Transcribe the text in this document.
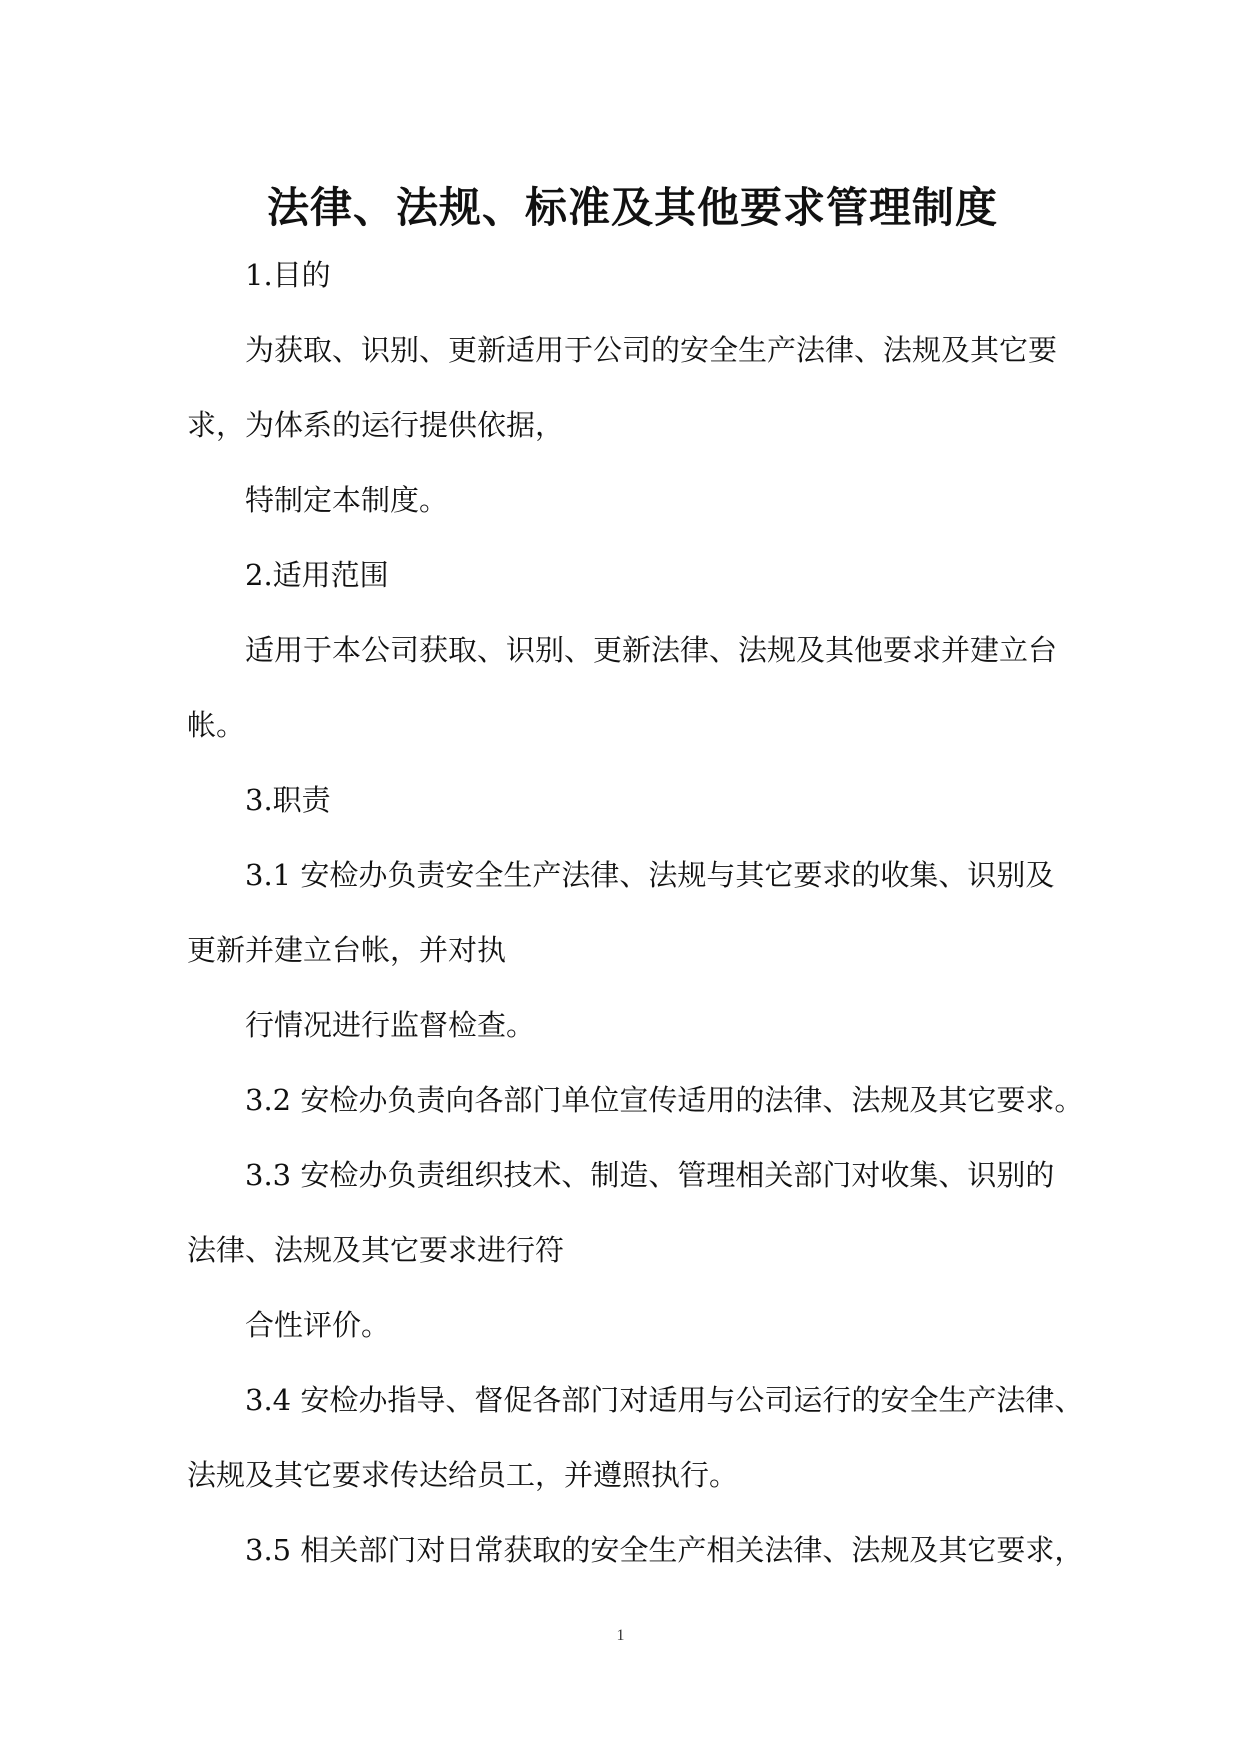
法律、法规、标准及其他要求管理制度

1.目的

为获取、识别、更新适用于公司的安全生产法律、法规及其它要

求，为体系的运行提供依据，

特制定本制度。

2.适用范围

适用于本公司获取、识别、更新法律、法规及其他要求并建立台

帐。

3.职责

3.1 安检办负责安全生产法律、法规与其它要求的收集、识别及

更新并建立台帐，并对执

行情况进行监督检查。

3.2 安检办负责向各部门单位宣传适用的法律、法规及其它要求。

3.3 安检办负责组织技术、制造、管理相关部门对收集、识别的

法律、法规及其它要求进行符

合性评价。

3.4 安检办指导、督促各部门对适用与公司运行的安全生产法律、

法规及其它要求传达给员工，并遵照执行。

3.5 相关部门对日常获取的安全生产相关法律、法规及其它要求，

1
